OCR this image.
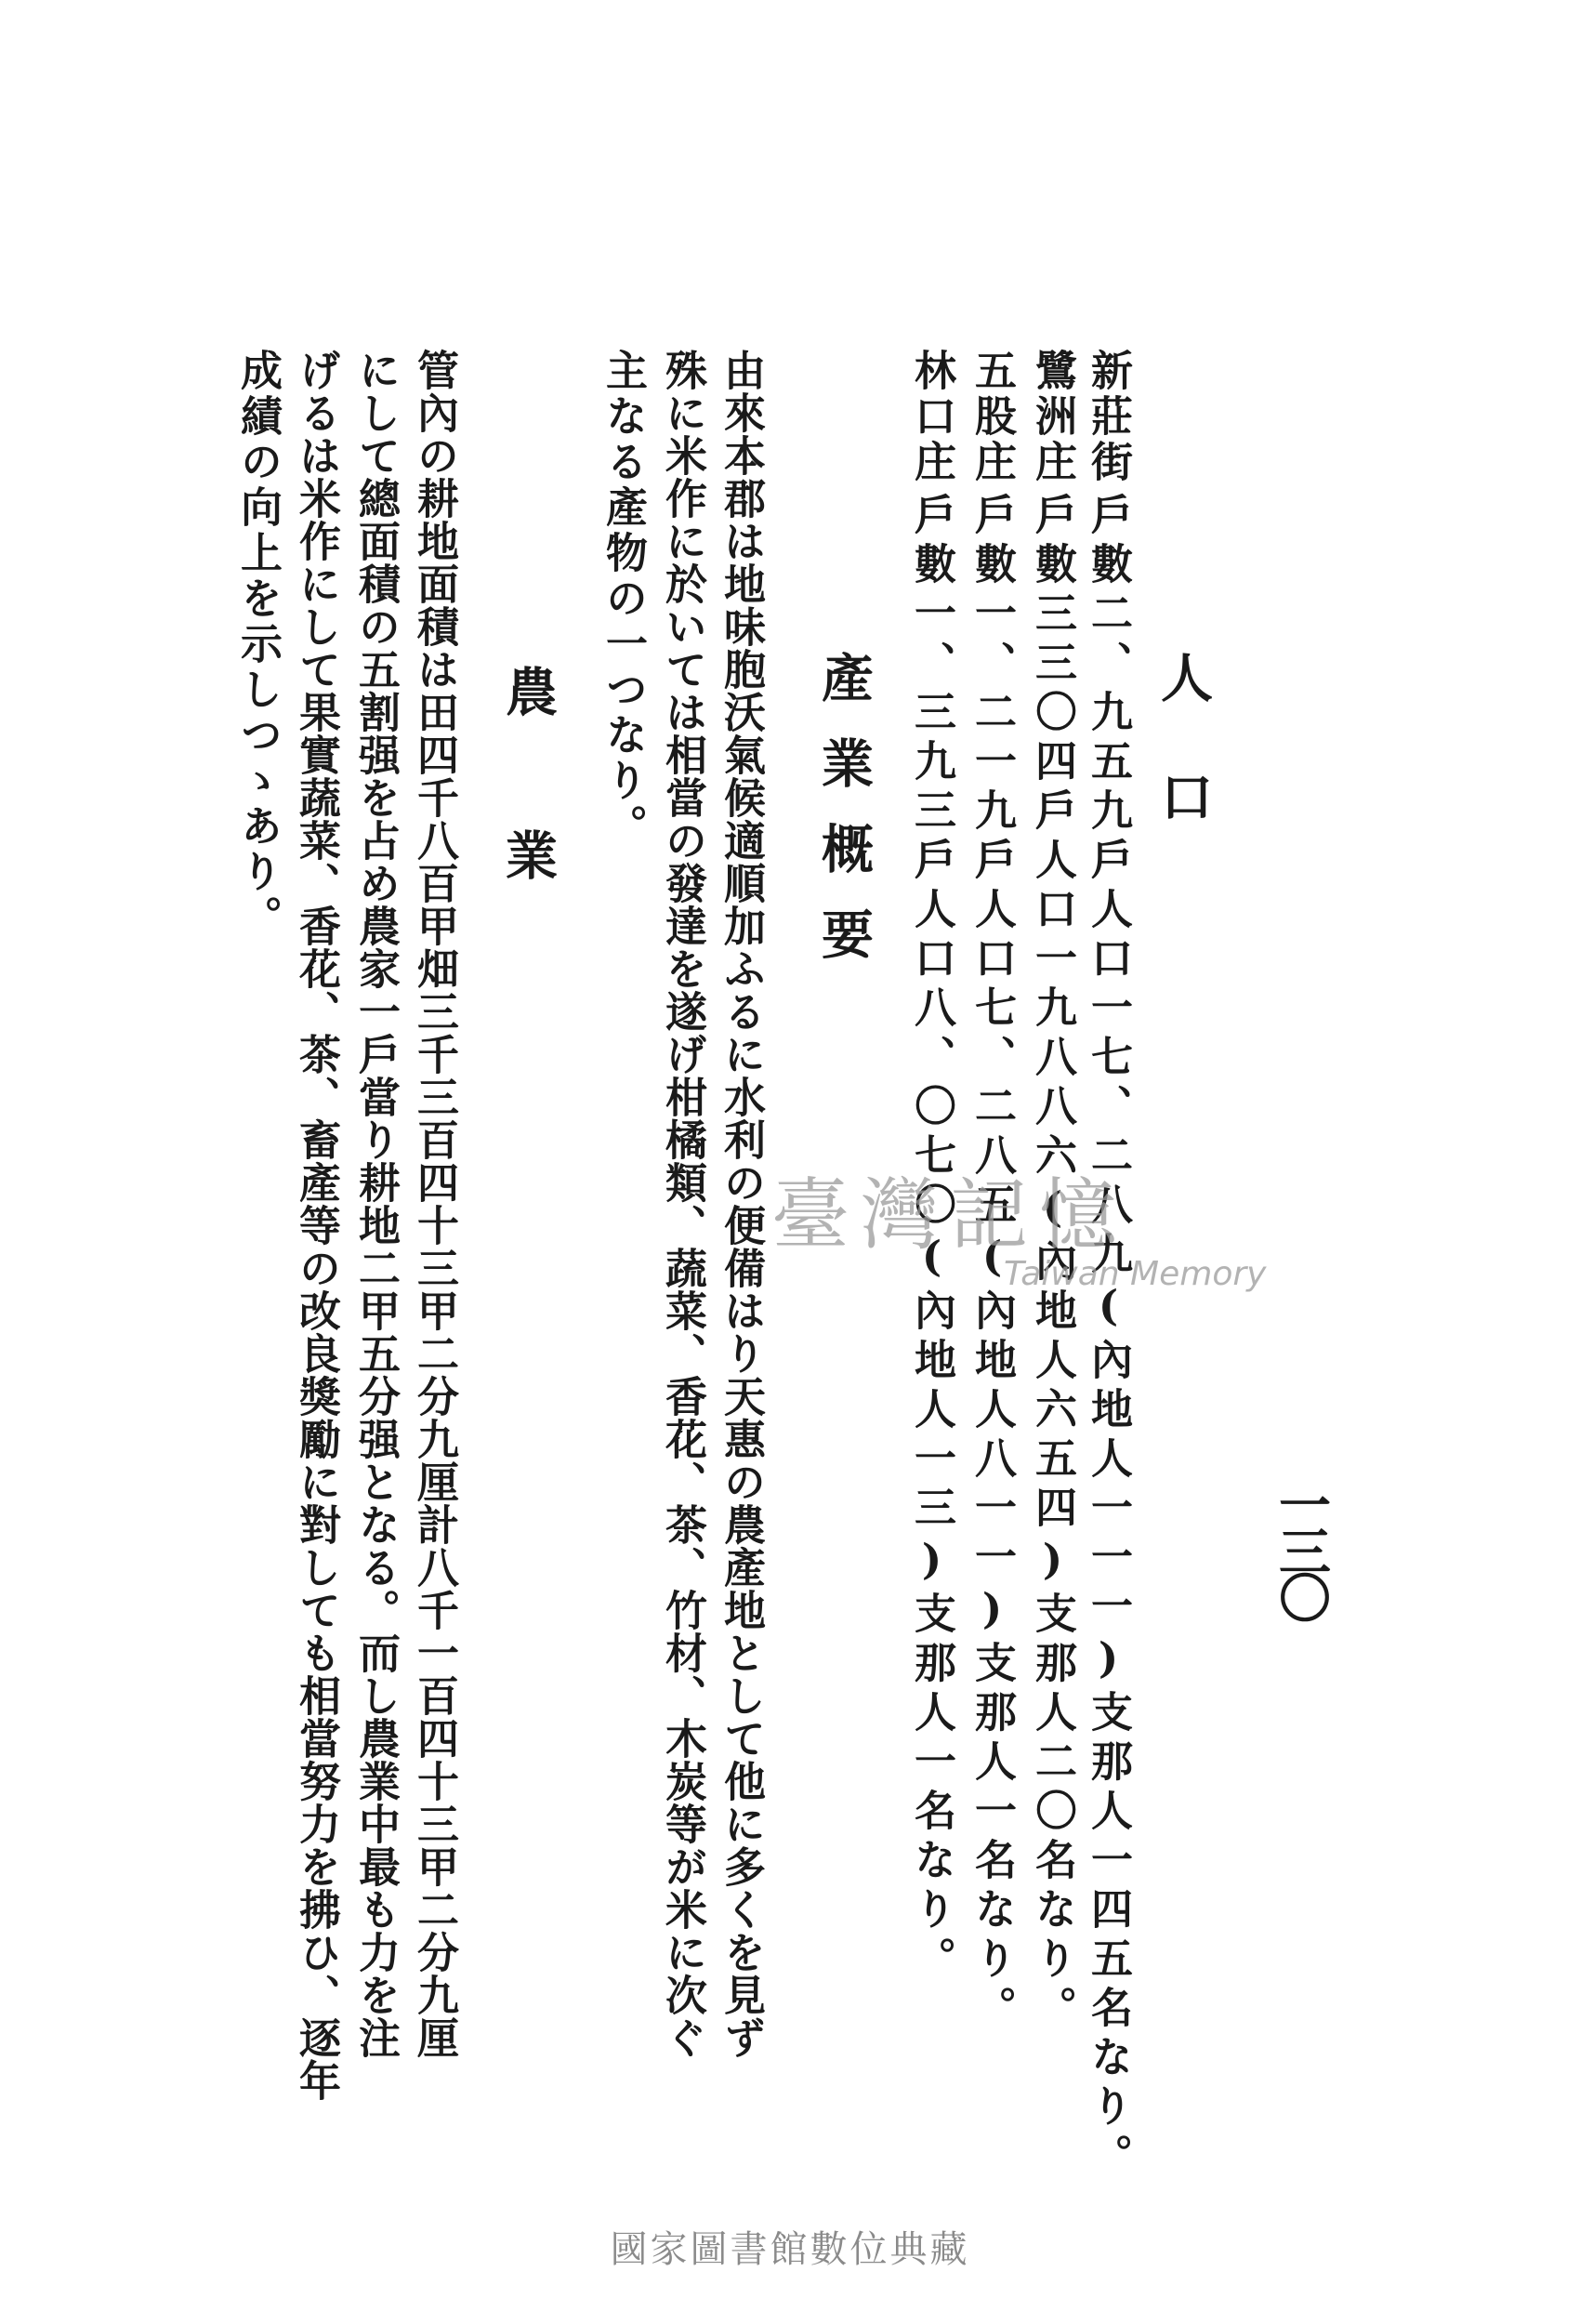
一三〇
人口
新莊街
戶數二、九五九戶人口一七、二八九(內地人一一一)支那人一四五名なり。
鷺洲庄
戶數三三〇四戶人口一九八八六(內地人六五四)支那人二〇名なり。
五股庄
戶數一、二一九戶人口七、二八五(內地人八一一)支那人一名なり。
林口庄
戶數一、三九三戶人口八、〇七〇(內地人一三)支那人一名なり。
產業概要
由來本郡は地味胞沃氣候適順加ふるに水利の便備はり天惠の農產地として他に多くを見ず
殊に米作に於いては相當の發達を遂げ柑橘類、蔬菜、香花、茶、竹材、木炭等が米に次ぐ
主なる產物の一つなり。
農業
管內の耕地面積は田四千八百甲畑三千三百四十三甲二分九厘計八千一百四十三甲二分九厘
にして總面積の五割强を占め農家一戶當り耕地二甲五分强となる。而し農業中最も力を注
げるは米作にして果實蔬菜、香花、茶、畜產等の改良獎勵に對しても相當努力を拂ひ、逐年
成績の向上を示しつゝあり。
臺灣記憶
Taiwan Memory
國家圖書館數位典藏
